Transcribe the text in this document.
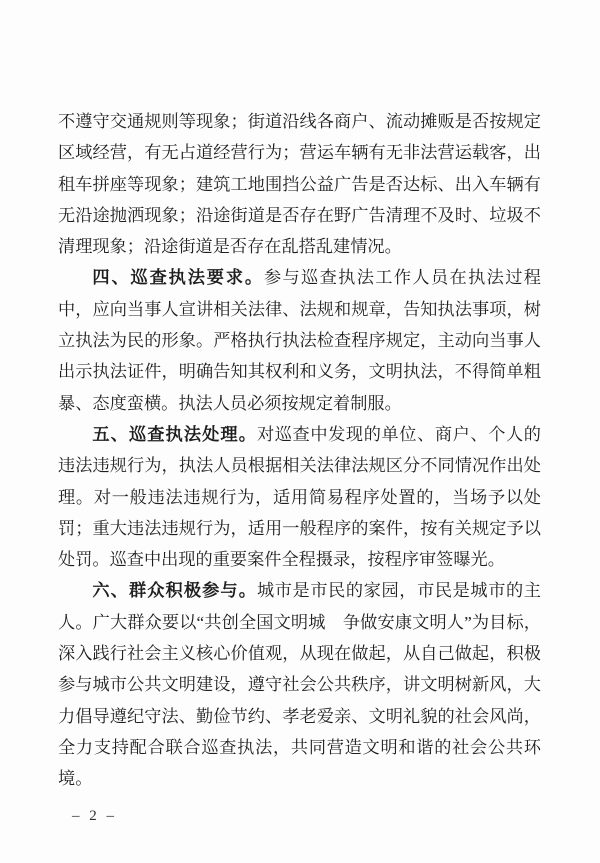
不遵守交通规则等现象；街道沿线各商户、流动摊贩是否按规定区域经营，有无占道经营行为；营运车辆有无非法营运载客，出租车拼座等现象；建筑工地围挡公益广告是否达标、出入车辆有无沿途抛洒现象；沿途街道是否存在野广告清理不及时、垃圾不清理现象；沿途街道是否存在乱搭乱建情况。

四、巡查执法要求。参与巡查执法工作人员在执法过程中，应向当事人宣讲相关法律、法规和规章，告知执法事项，树立执法为民的形象。严格执行执法检查程序规定，主动向当事人出示执法证件，明确告知其权利和义务，文明执法，不得简单粗暴、态度蛮横。执法人员必须按规定着制服。

五、巡查执法处理。对巡查中发现的单位、商户、个人的违法违规行为，执法人员根据相关法律法规区分不同情况作出处理。对一般违法违规行为，适用简易程序处置的，当场予以处罚；重大违法违规行为，适用一般程序的案件，按有关规定予以处罚。巡查中出现的重要案件全程摄录，按程序审签曝光。

六、群众积极参与。城市是市民的家园，市民是城市的主人。广大群众要以“共创全国文明城　争做安康文明人”为目标，深入践行社会主义核心价值观，从现在做起，从自己做起，积极参与城市公共文明建设，遵守社会公共秩序，讲文明树新风，大力倡导遵纪守法、勤俭节约、孝老爱亲、文明礼貌的社会风尚，全力支持配合联合巡查执法，共同营造文明和谐的社会公共环境。

– 2 –
